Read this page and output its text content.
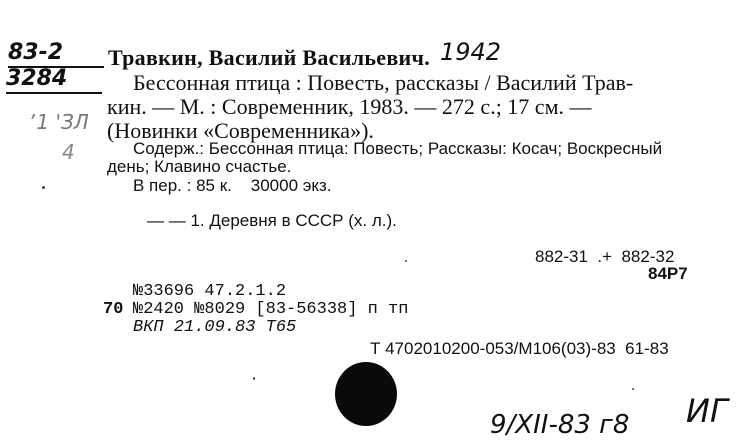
83-2
3284
Травкин, Василий Васильевич. 1942
Бессонная птица : Повесть, рассказы / Василий Трав-
кин. — М. : Современник, 1983. — 272 с.; 17 см. —
(Новинки «Современника»).
ʼ1 'ЗЛ
4	Содерж.: Бессонная птица: Повесть; Рассказы: Косач; Воскресный
день; Клавино счастье.
В пер. : 85 к.    30000 экз.
— — 1. Деревня в СССР (х. л.).
882-31  .+  882-32
84Р7
№33696 47.2.1.2
70 №2420 №8029 [83-56338] п тп
ВКП 21.09.83 Т65
Т 4702010200-053/М106(03)-83  61-83
9/XII-83 г8 ИГ
